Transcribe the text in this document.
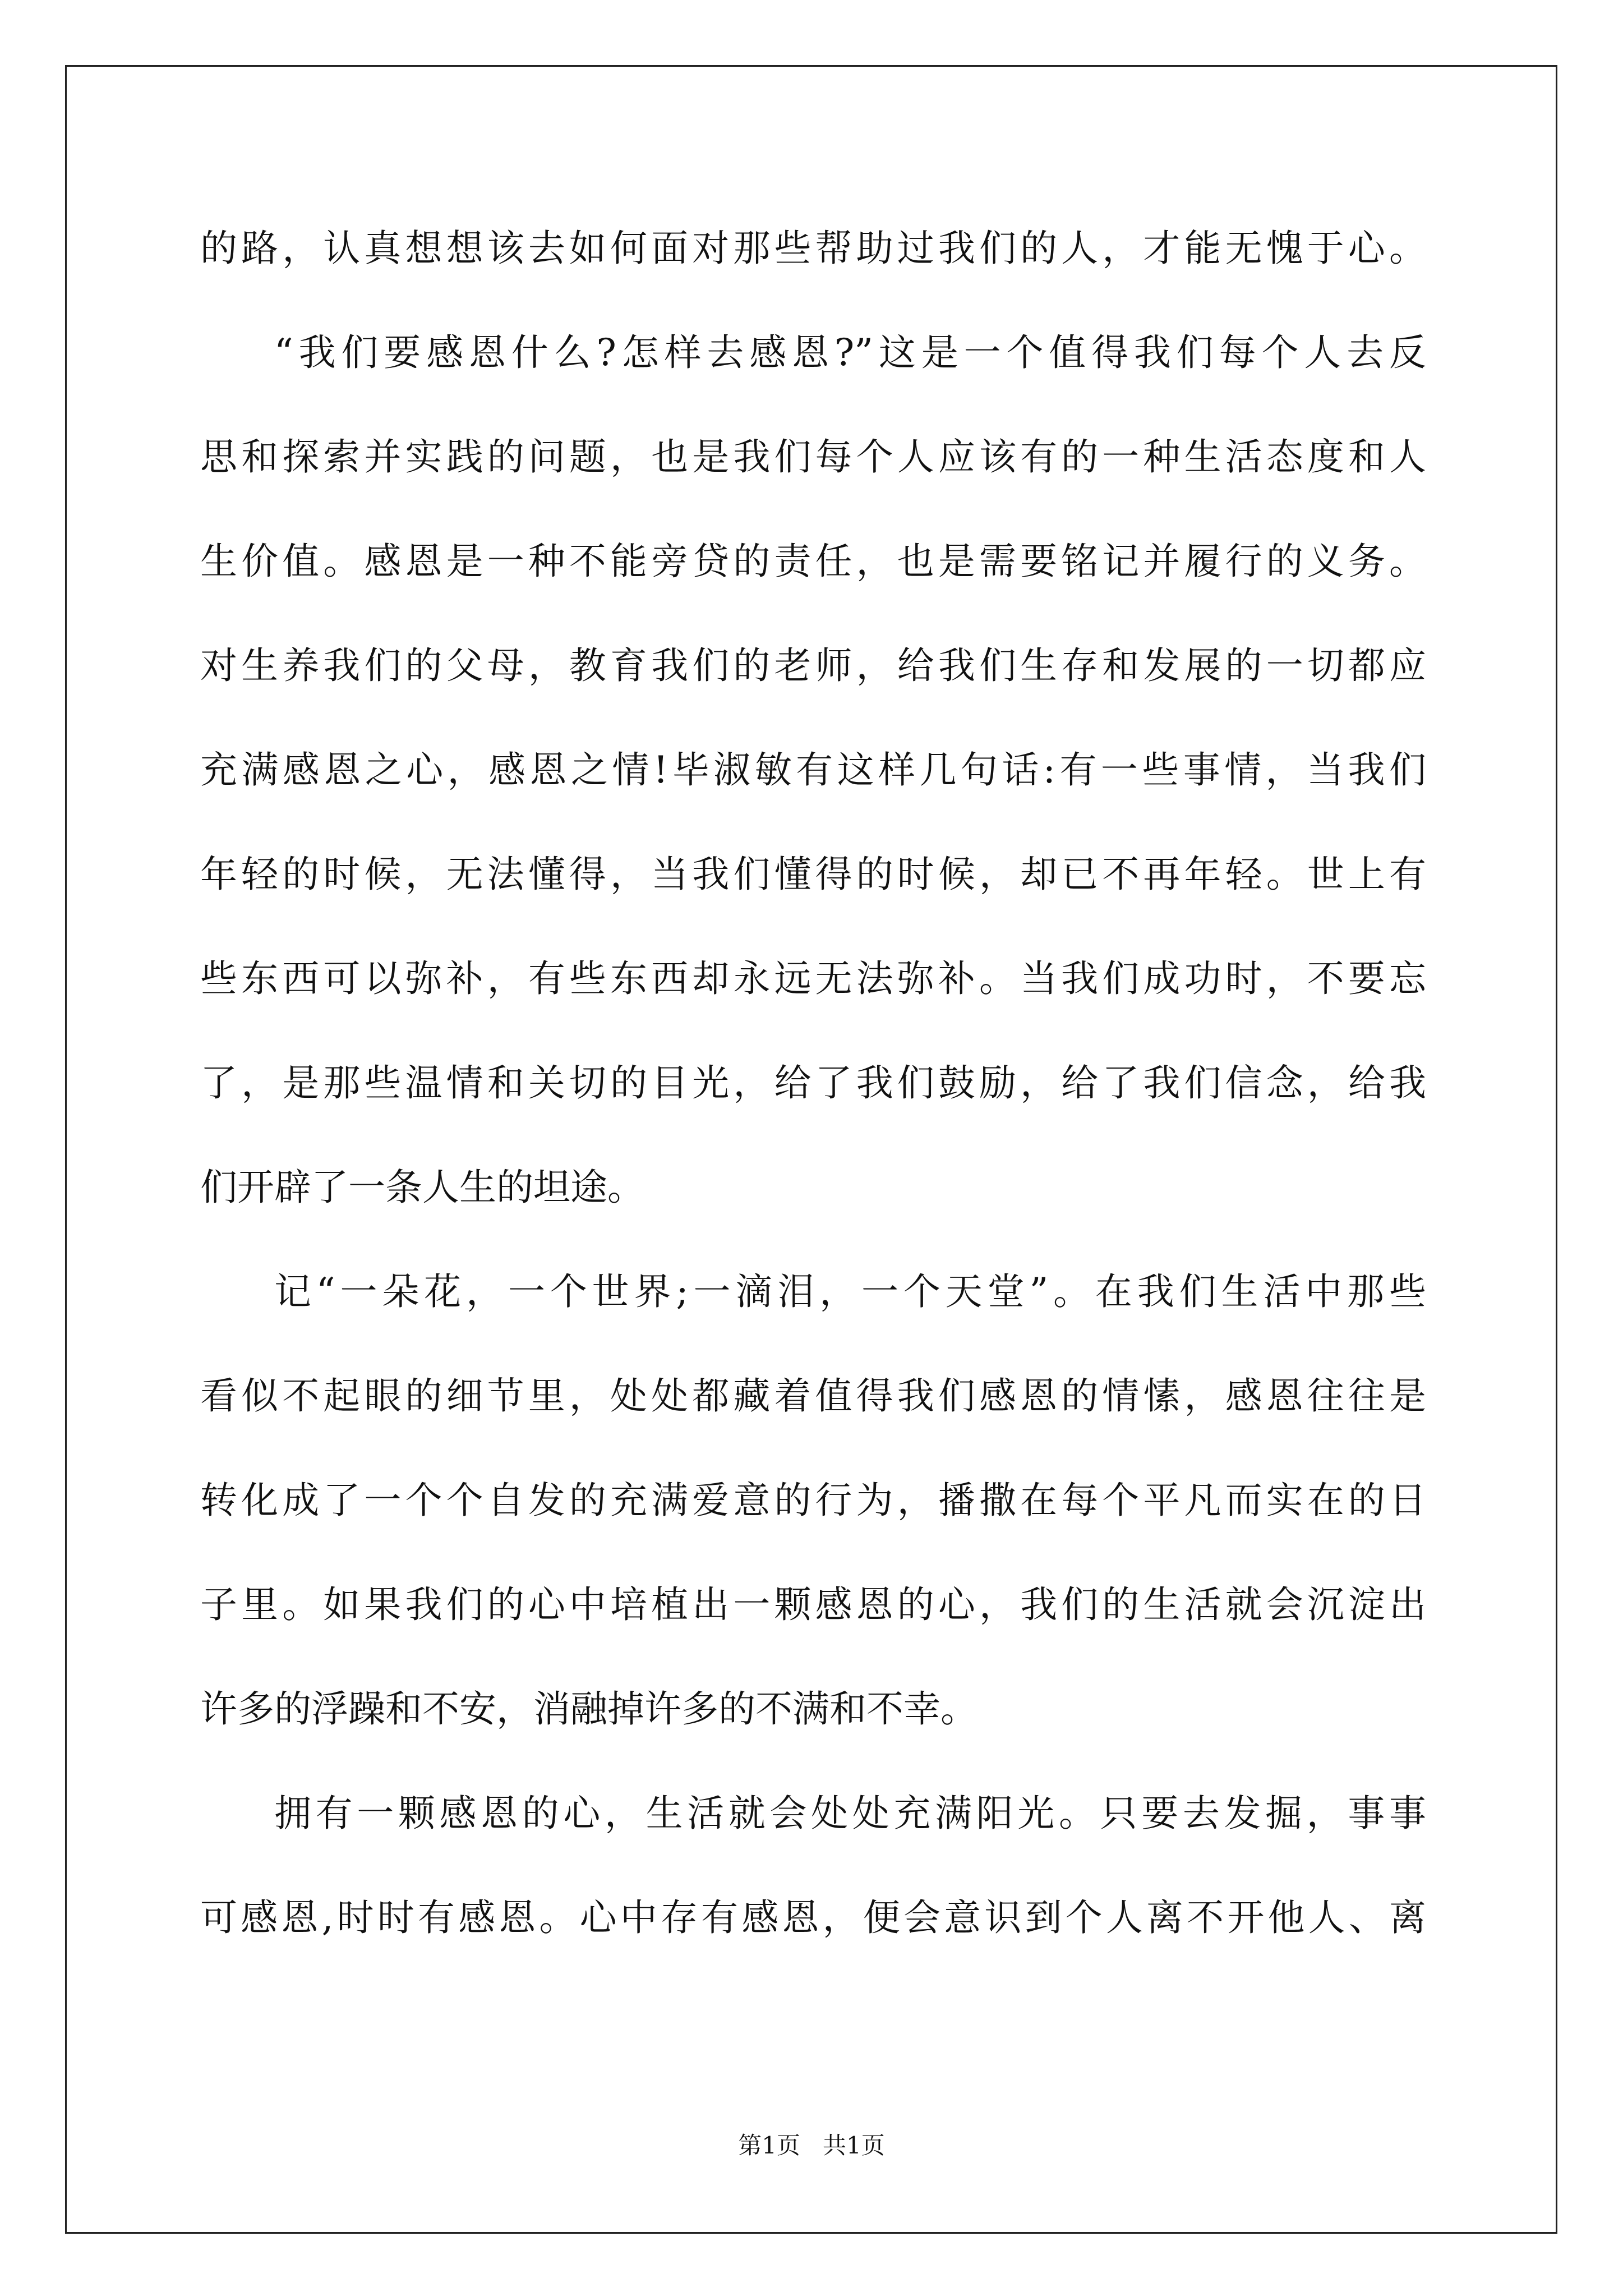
的路，认真想想该去如何面对那些帮助过我们的人，才能无愧于心。
“我们要感恩什么?怎样去感恩?”这是一个值得我们每个人去反
思和探索并实践的问题，也是我们每个人应该有的一种生活态度和人
生价值。感恩是一种不能旁贷的责任，也是需要铭记并履行的义务。
对生养我们的父母，教育我们的老师，给我们生存和发展的一切都应
充满感恩之心，感恩之情!毕淑敏有这样几句话:有一些事情，当我们
年轻的时候，无法懂得，当我们懂得的时候，却已不再年轻。世上有
些东西可以弥补，有些东西却永远无法弥补。当我们成功时，不要忘
了，是那些温情和关切的目光，给了我们鼓励，给了我们信念，给我
们开辟了一条人生的坦途。
记“一朵花，一个世界;一滴泪，一个天堂”。在我们生活中那些
看似不起眼的细节里，处处都藏着值得我们感恩的情愫，感恩往往是
转化成了一个个自发的充满爱意的行为，播撒在每个平凡而实在的日
子里。如果我们的心中培植出一颗感恩的心，我们的生活就会沉淀出
许多的浮躁和不安，消融掉许多的不满和不幸。
拥有一颗感恩的心，生活就会处处充满阳光。只要去发掘，事事
可感恩,时时有感恩。心中存有感恩，便会意识到个人离不开他人、离
第1页   共1页
